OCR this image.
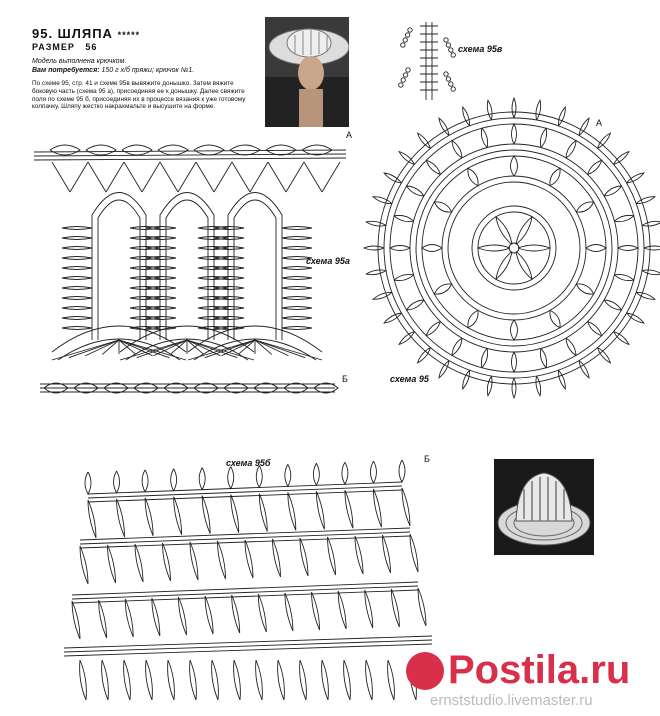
95. ШЛЯПА *****
РАЗМЕР 56
Модель выполнена крючком.
Вам потребуется: 150 г х/б пряжи; крючок №1.
По схеме 95, стр. 41 и схеме 95в вывяжите донышко. Затем вяжите боковую часть (схема 95 а), присоединяя ее к донышку. Далее свяжите поля по схеме 95 б, присоединяя их в процессе вязания к уже готовому колпачку. Шляпу жестко накрахмальте и высушите на форме.
схема 95в
схема 95а
схема 95
схема 95б
А
А
Б
Б
Postila.ru
ernststudio.livemaster.ru
